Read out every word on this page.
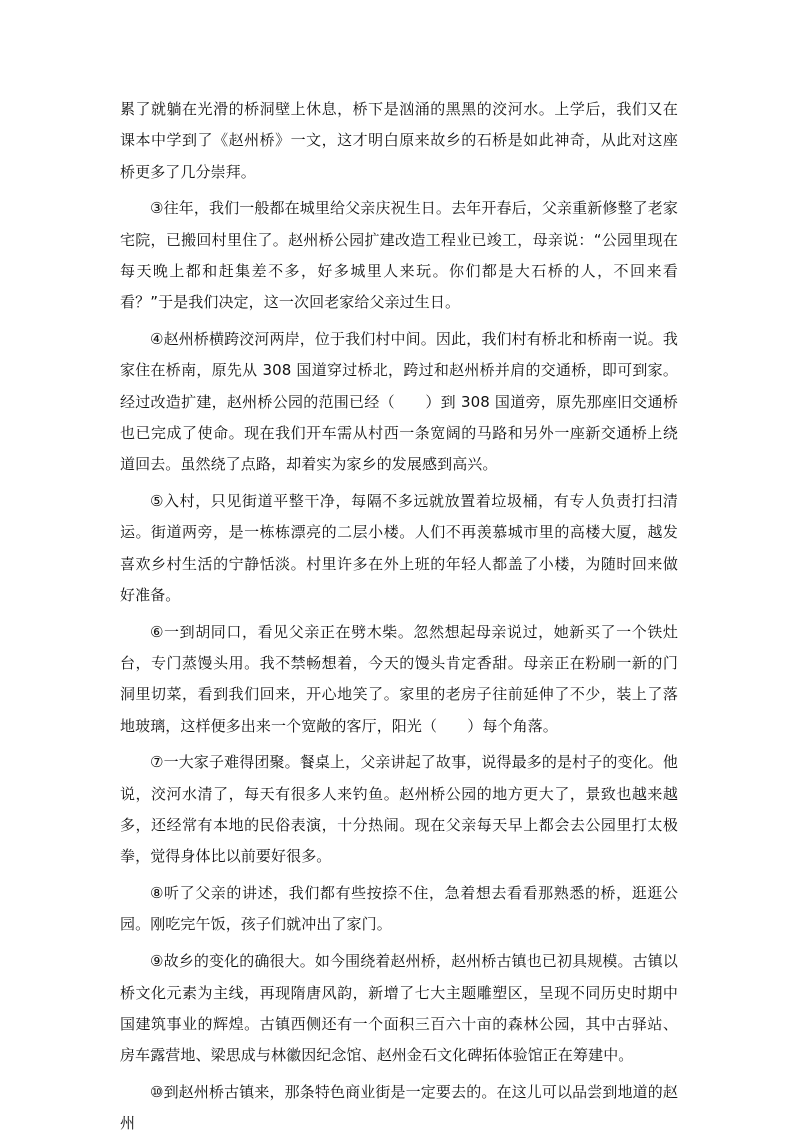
累了就躺在光滑的桥洞壁上休息，桥下是汹涌的黑黑的洨河水。上学后，我们又在课本中学到了《赵州桥》一文，这才明白原来故乡的石桥是如此神奇，从此对这座桥更多了几分崇拜。

③往年，我们一般都在城里给父亲庆祝生日。去年开春后，父亲重新修整了老家宅院，已搬回村里住了。赵州桥公园扩建改造工程业已竣工，母亲说：“公园里现在每天晚上都和赶集差不多，好多城里人来玩。你们都是大石桥的人，不回来看看？”于是我们决定，这一次回老家给父亲过生日。

④赵州桥横跨洨河两岸，位于我们村中间。因此，我们村有桥北和桥南一说。我家住在桥南，原先从 308 国道穿过桥北，跨过和赵州桥并肩的交通桥，即可到家。经过改造扩建，赵州桥公园的范围已经（　　）到 308 国道旁，原先那座旧交通桥也已完成了使命。现在我们开车需从村西一条宽阔的马路和另外一座新交通桥上绕道回去。虽然绕了点路，却着实为家乡的发展感到高兴。

⑤入村，只见街道平整干净，每隔不多远就放置着垃圾桶，有专人负责打扫清运。街道两旁，是一栋栋漂亮的二层小楼。人们不再羡慕城市里的高楼大厦，越发喜欢乡村生活的宁静恬淡。村里许多在外上班的年轻人都盖了小楼，为随时回来做好准备。

⑥一到胡同口，看见父亲正在劈木柴。忽然想起母亲说过，她新买了一个铁灶台，专门蒸馒头用。我不禁畅想着，今天的馒头肯定香甜。母亲正在粉刷一新的门洞里切菜，看到我们回来，开心地笑了。家里的老房子往前延伸了不少，装上了落地玻璃，这样便多出来一个宽敞的客厅，阳光（　　）每个角落。

⑦一大家子难得团聚。餐桌上，父亲讲起了故事，说得最多的是村子的变化。他说，洨河水清了，每天有很多人来钓鱼。赵州桥公园的地方更大了，景致也越来越多，还经常有本地的民俗表演，十分热闹。现在父亲每天早上都会去公园里打太极拳，觉得身体比以前要好很多。

⑧听了父亲的讲述，我们都有些按捺不住，急着想去看看那熟悉的桥，逛逛公园。刚吃完午饭，孩子们就冲出了家门。

⑨故乡的变化的确很大。如今围绕着赵州桥，赵州桥古镇也已初具规模。古镇以桥文化元素为主线，再现隋唐风韵，新增了七大主题雕塑区，呈现不同历史时期中国建筑事业的辉煌。古镇西侧还有一个面积三百六十亩的森林公园，其中古驿站、房车露营地、梁思成与林徽因纪念馆、赵州金石文化碑拓体验馆正在筹建中。

⑩到赵州桥古镇来，那条特色商业街是一定要去的。在这儿可以品尝到地道的赵州
